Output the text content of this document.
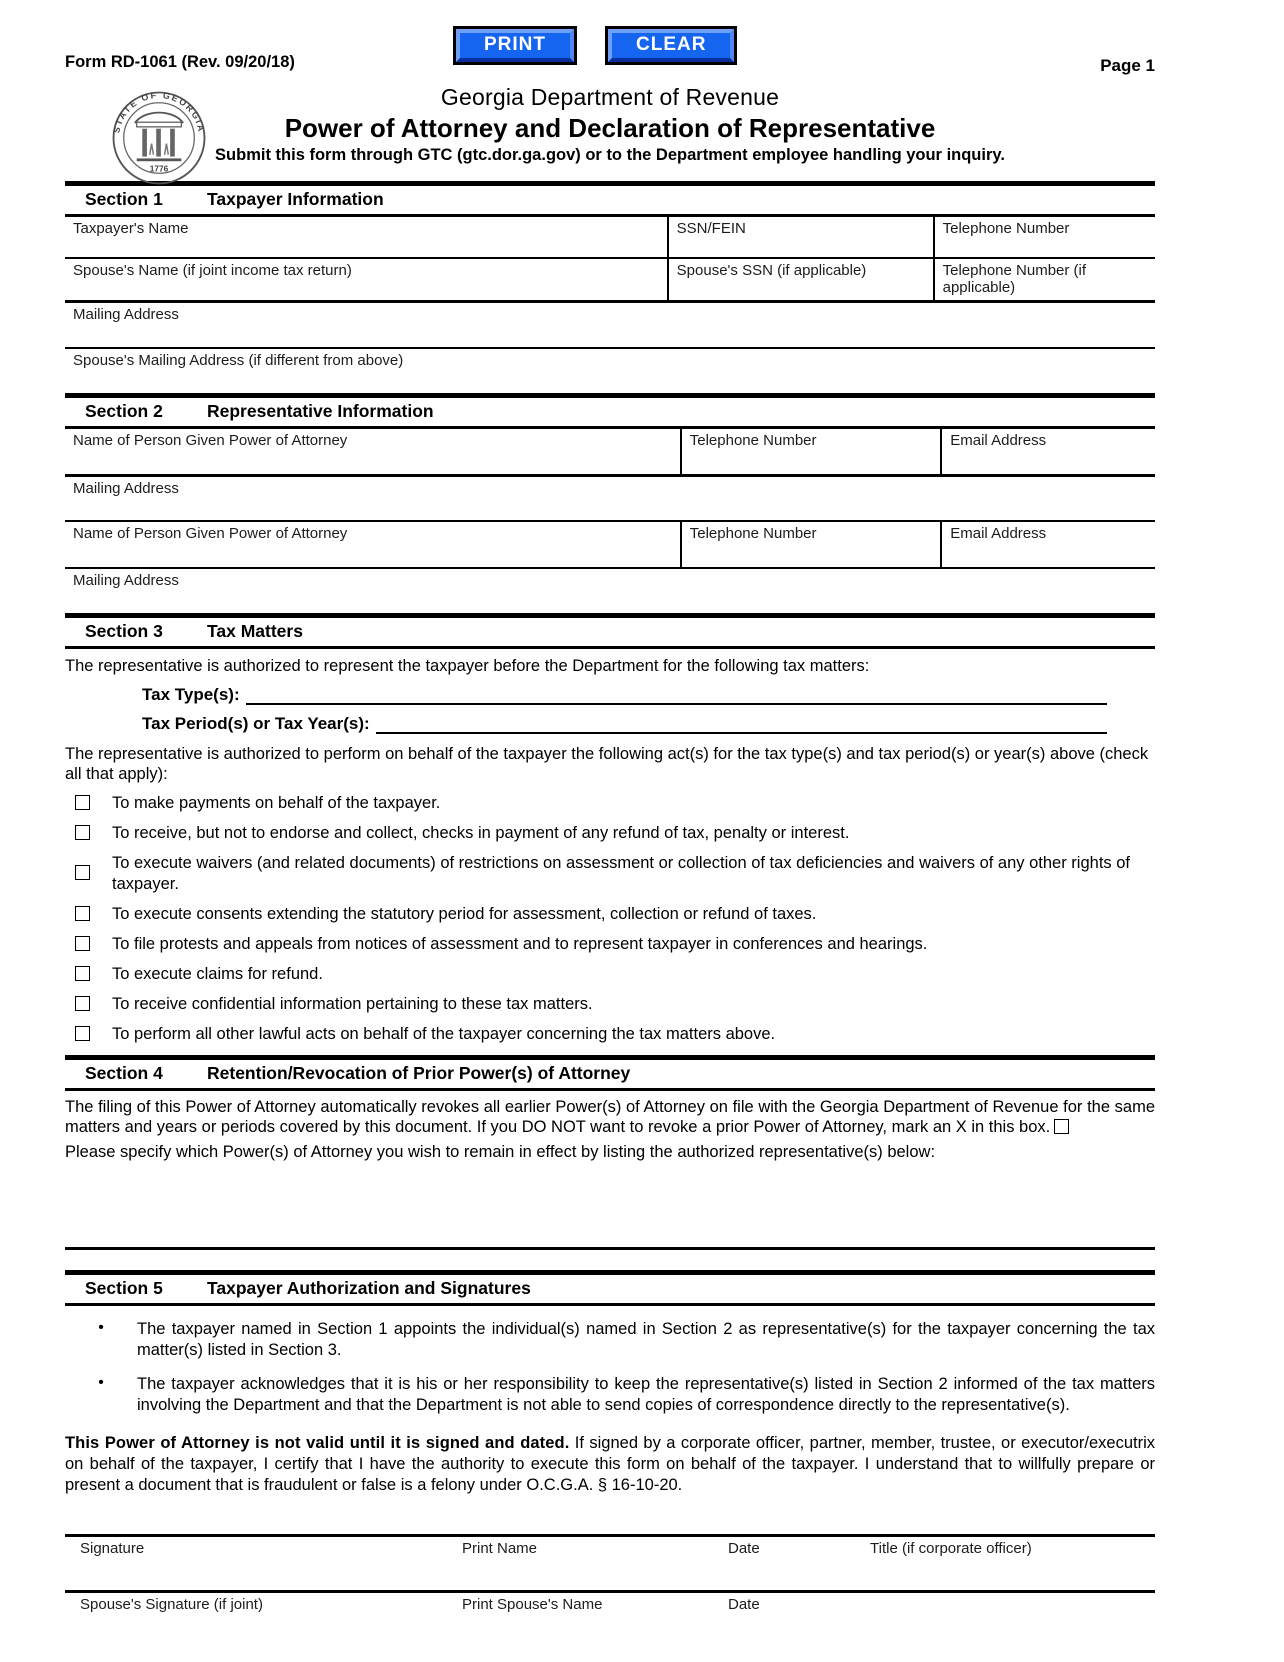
Form RD-1061 (Rev. 09/20/18)
PRINT	CLEAR
Page 1
STATE OF GEORGIA
1776
Georgia Department of Revenue
Power of Attorney and Declaration of Representative
Submit this form through GTC (gtc.dor.ga.gov) or to the Department employee handling your inquiry.
Section 1	Taxpayer Information
Taxpayer's Name	SSN/FEIN	Telephone Number
Spouse's Name (if joint income tax return)	Spouse's SSN (if applicable)	Telephone Number (if applicable)
Mailing Address
Spouse's Mailing Address (if different from above)
Section 2	Representative Information
Name of Person Given Power of Attorney	Telephone Number	Email Address
Mailing Address
Name of Person Given Power of Attorney	Telephone Number	Email Address
Mailing Address
Section 3	Tax Matters

The representative is authorized to represent the taxpayer before the Department for the following tax matters:

Tax Type(s):
Tax Period(s) or Tax Year(s):

The representative is authorized to perform on behalf of the taxpayer the following act(s) for the tax type(s) and tax period(s) or year(s) above (check all that apply):

To make payments on behalf of the taxpayer.
To receive, but not to endorse and collect, checks in payment of any refund of tax, penalty or interest.
To execute waivers (and related documents) of restrictions on assessment or collection of tax deficiencies and waivers of any other rights of taxpayer.
To execute consents extending the statutory period for assessment, collection or refund of taxes.
To file protests and appeals from notices of assessment and to represent taxpayer in conferences and hearings.
To execute claims for refund.
To receive confidential information pertaining to these tax matters.
To perform all other lawful acts on behalf of the taxpayer concerning the tax matters above.
Section 4	Retention/Revocation of Prior Power(s) of Attorney

The filing of this Power of Attorney automatically revokes all earlier Power(s) of Attorney on file with the Georgia Department of Revenue for the same matters and years or periods covered by this document. If you DO NOT want to revoke a prior Power of Attorney, mark an X in this box.

Please specify which Power(s) of Attorney you wish to remain in effect by listing the authorized representative(s) below:

Section 5	Taxpayer Authorization and Signatures
•	The taxpayer named in Section 1 appoints the individual(s) named in Section 2 as representative(s) for the taxpayer concerning the tax matter(s) listed in Section 3.

•	The taxpayer acknowledges that it is his or her responsibility to keep the representative(s) listed in Section 2 informed of the tax matters involving the Department and that the Department is not able to send copies of correspondence directly to the representative(s).

This Power of Attorney is not valid until it is signed and dated. If signed by a corporate officer, partner, member, trustee, or executor/executrix on behalf of the taxpayer, I certify that I have the authority to execute this form on behalf of the taxpayer. I understand that to willfully prepare or present a document that is fraudulent or false is a felony under O.C.G.A. § 16-10-20.

Signature	Print Name	Date	Title (if corporate officer)
Spouse's Signature (if joint)	Print Spouse's Name	Date
